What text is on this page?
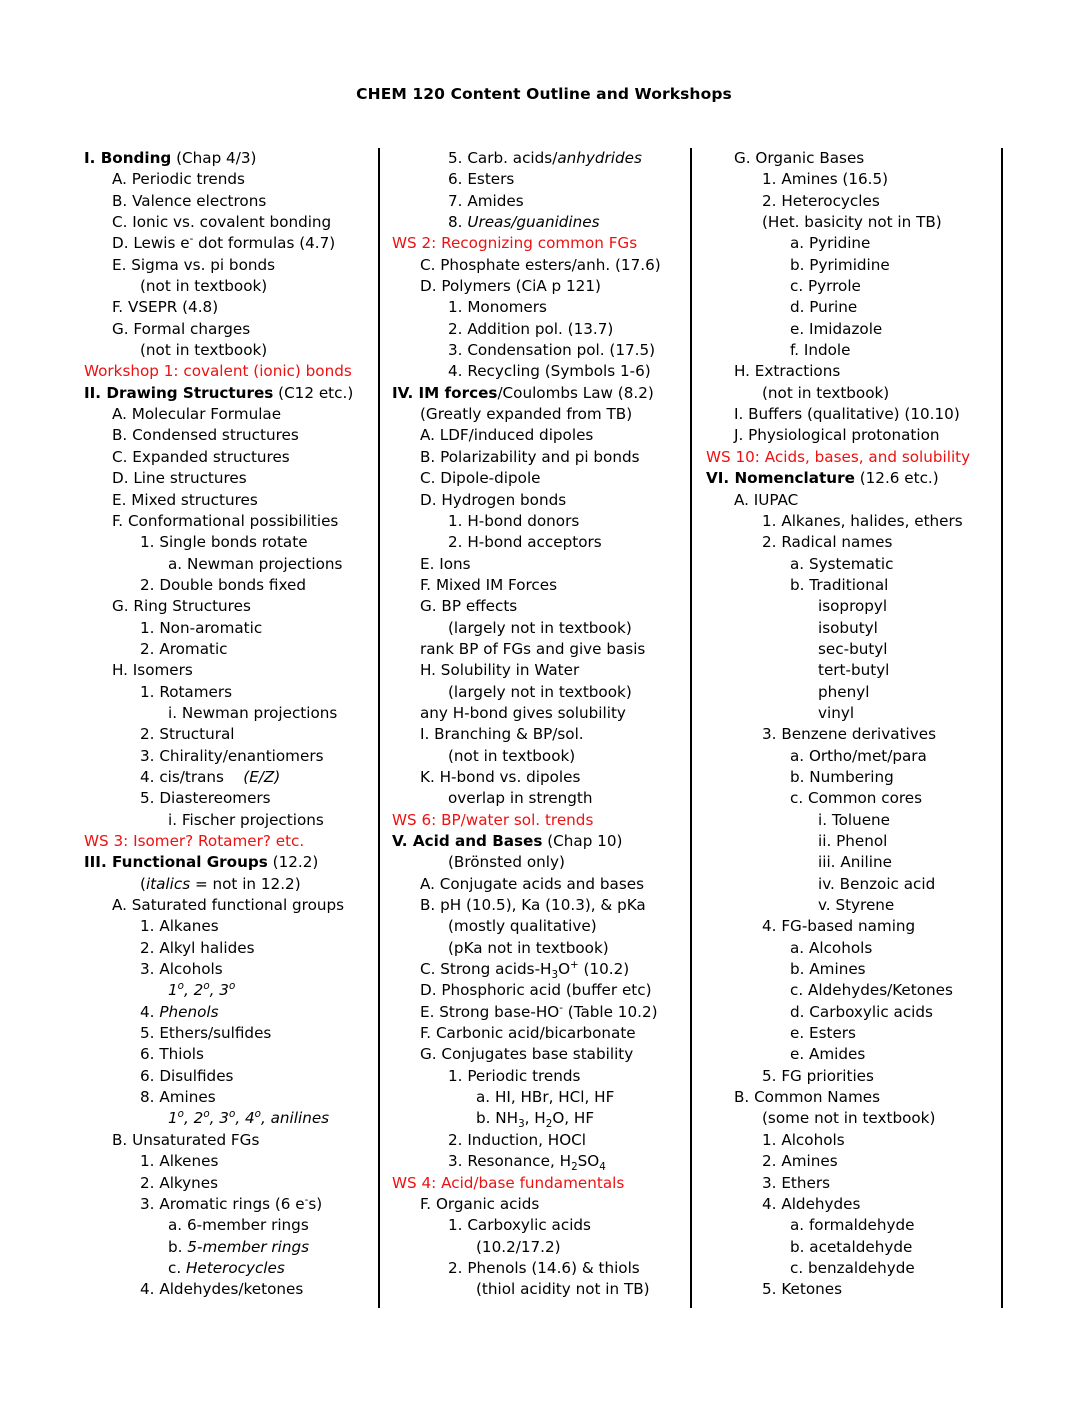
CHEM 120 Content Outline and Workshops
I. Bonding (Chap 4/3)
A. Periodic trends
B. Valence electrons
C. Ionic vs. covalent bonding
D. Lewis e- dot formulas (4.7)
E. Sigma vs. pi bonds
(not in textbook)
F. VSEPR (4.8)
G. Formal charges
(not in textbook)
Workshop 1: covalent (ionic) bonds
II. Drawing Structures (C12 etc.)
A. Molecular Formulae
B. Condensed structures
C. Expanded structures
D. Line structures
E. Mixed structures
F. Conformational possibilities
1. Single bonds rotate
a. Newman projections
2. Double bonds fixed
G. Ring Structures
1. Non-aromatic
2. Aromatic
H. Isomers
1. Rotamers
i. Newman projections
2. Structural
3. Chirality/enantiomers
4. cis/trans    (E/Z)
5. Diastereomers
i. Fischer projections
WS 3: Isomer? Rotamer? etc.
III. Functional Groups (12.2)
(italics = not in 12.2)
A. Saturated functional groups
1. Alkanes
2. Alkyl halides
3. Alcohols
1$^o$, 2$^o$, 3$^o$
4. Phenols
5. Ethers/sulfides
6. Thiols
6. Disulfides
8. Amines
1$^o$, 2$^o$, 3$^o$, 4$^o$, anilines
B. Unsaturated FGs
1. Alkenes
2. Alkynes
3. Aromatic rings (6 e-s)
a. 6-member rings
b. 5-member rings
c. Heterocycles
4. Aldehydes/ketones
5. Carb. acids/anhydrides
6. Esters
7. Amides
8. Ureas/guanidines
WS 2: Recognizing common FGs
C. Phosphate esters/anh. (17.6)
D. Polymers (CiA p 121)
1. Monomers
2. Addition pol. (13.7)
3. Condensation pol. (17.5)
4. Recycling (Symbols 1-6)
IV. IM forces/Coulombs Law (8.2)
(Greatly expanded from TB)
A. LDF/induced dipoles
B. Polarizability and pi bonds
C. Dipole-dipole
D. Hydrogen bonds
1. H-bond donors
2. H-bond acceptors
E. Ions
F. Mixed IM Forces
G. BP effects
(largely not in textbook)
rank BP of FGs and give basis
H. Solubility in Water
(largely not in textbook)
any H-bond gives solubility
I. Branching & BP/sol.
(not in textbook)
K. H-bond vs. dipoles
overlap in strength
WS 6: BP/water sol. trends
V. Acid and Bases (Chap 10)
(Brönsted only)
A. Conjugate acids and bases
B. pH (10.5), Ka (10.3), & pKa
(mostly qualitative)
(pKa not in textbook)
C. Strong acids-$H_3O^+$ (10.2)
D. Phosphoric acid (buffer etc)
E. Strong base-HO- (Table 10.2)
F. Carbonic acid/bicarbonate
G. Conjugates base stability
1. Periodic trends
a. HI, HBr, HCl, HF
b. $NH_3$, $H_2O$, HF
2. Induction, HOCl
3. Resonance, $H_2SO_4$
WS 4: Acid/base fundamentals
F. Organic acids
1. Carboxylic acids
(10.2/17.2)
2. Phenols (14.6) & thiols
(thiol acidity not in TB)
G. Organic Bases
1. Amines (16.5)
2. Heterocycles
(Het. basicity not in TB)
a. Pyridine
b. Pyrimidine
c. Pyrrole
d. Purine
e. Imidazole
f. Indole
H. Extractions
(not in textbook)
I. Buffers (qualitative) (10.10)
J. Physiological protonation
WS 10: Acids, bases, and solubility
VI. Nomenclature (12.6 etc.)
A. IUPAC
1. Alkanes, halides, ethers
2. Radical names
a. Systematic
b. Traditional
isopropyl
isobutyl
sec-butyl
tert-butyl
phenyl
vinyl
3. Benzene derivatives
a. Ortho/met/para
b. Numbering
c. Common cores
i. Toluene
ii. Phenol
iii. Aniline
iv. Benzoic acid
v. Styrene
4. FG-based naming
a. Alcohols
b. Amines
c. Aldehydes/Ketones
d. Carboxylic acids
e. Esters
e. Amides
5. FG priorities
B. Common Names
(some not in textbook)
1. Alcohols
2. Amines
3. Ethers
4. Aldehydes
a. formaldehyde
b. acetaldehyde
c. benzaldehyde
5. Ketones
